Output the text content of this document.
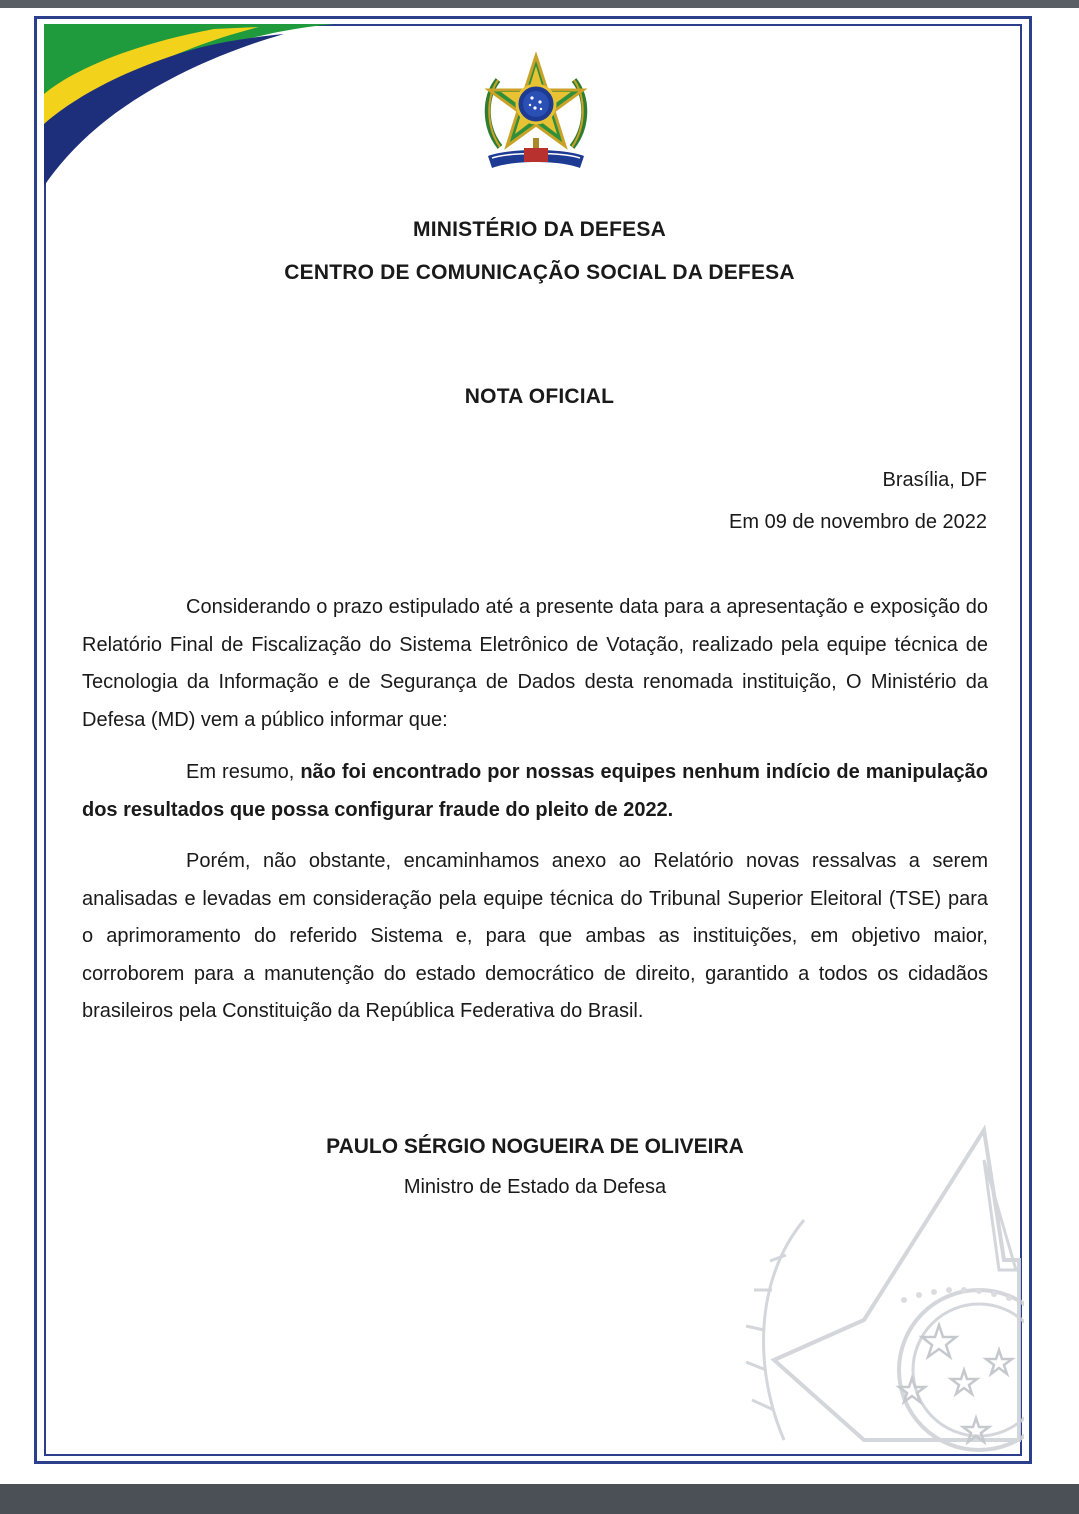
MINISTÉRIO DA DEFESA
CENTRO DE COMUNICAÇÃO SOCIAL DA DEFESA
NOTA OFICIAL
Brasília, DF
Em 09 de novembro de 2022

Considerando o prazo estipulado até a presente data para a apresentação e exposição do Relatório Final de Fiscalização do Sistema Eletrônico de Votação, realizado pela equipe técnica de Tecnologia da Informação e de Segurança de Dados desta renomada instituição, O Ministério da Defesa (MD) vem a público informar que:

Em resumo, não foi encontrado por nossas equipes nenhum indício de manipulação dos resultados que possa configurar fraude do pleito de 2022.

Porém, não obstante, encaminhamos anexo ao Relatório novas ressalvas a serem analisadas e levadas em consideração pela equipe técnica do Tribunal Superior Eleitoral (TSE) para o aprimoramento do referido Sistema e, para que ambas as instituições, em objetivo maior, corroborem para a manutenção do estado democrático de direito, garantido a todos os cidadãos brasileiros pela Constituição da República Federativa do Brasil.

PAULO SÉRGIO NOGUEIRA DE OLIVEIRA
Ministro de Estado da Defesa
